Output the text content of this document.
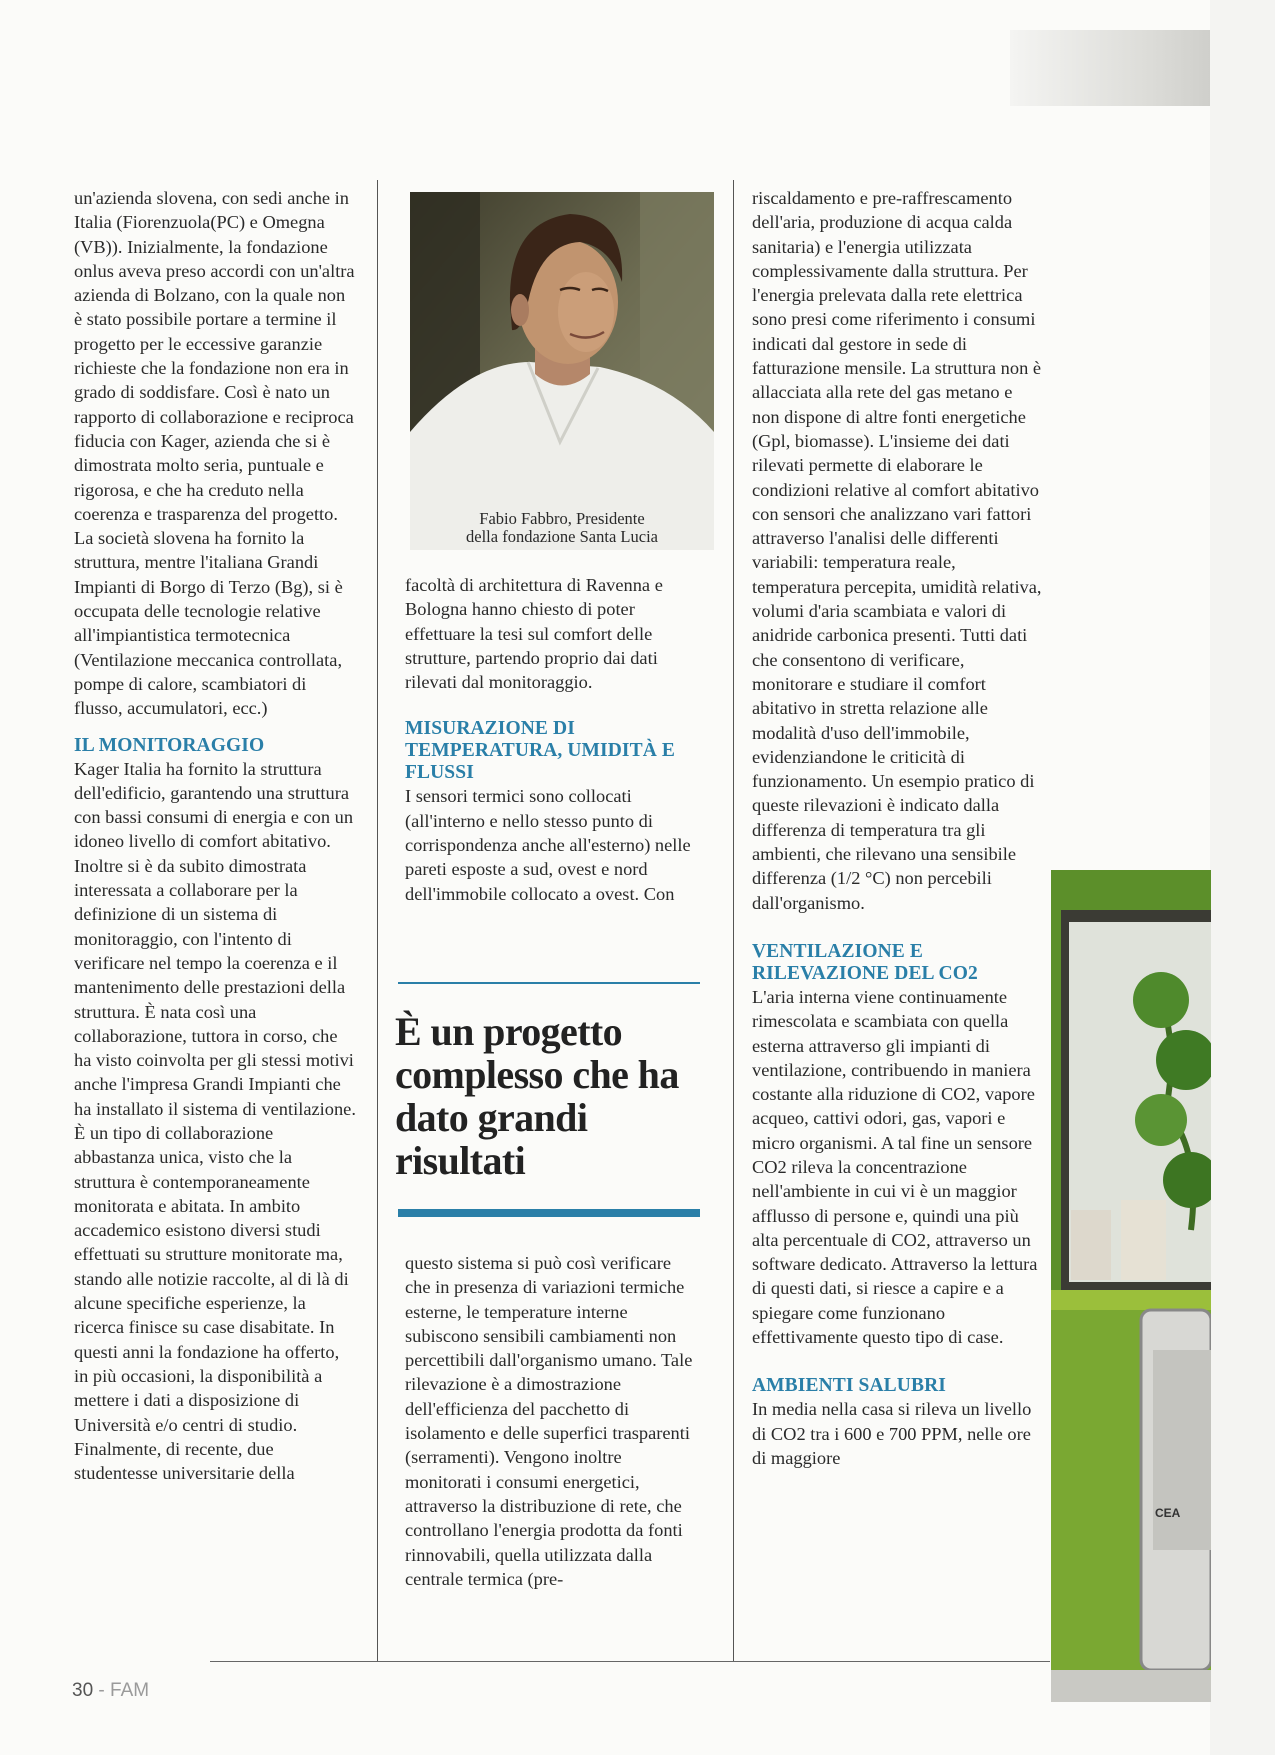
un'azienda slovena, con sedi anche in Italia (Fiorenzuola(PC) e Omegna (VB)). Inizialmente, la fondazione onlus aveva preso accordi con un'altra azienda di Bolzano, con la quale non è stato possibile portare a termine il progetto per le eccessive garanzie richieste che la fondazione non era in grado di soddisfare. Così è nato un rapporto di collaborazione e reciproca fiducia con Kager, azienda che si è dimostrata molto seria, puntuale e rigorosa, e che ha creduto nella coerenza e trasparenza del progetto. La società slovena ha fornito la struttura, mentre l'italiana Grandi Impianti di Borgo di Terzo (Bg), si è occupata delle tecnologie relative all'impiantistica termotecnica (Ventilazione meccanica controllata, pompe di calore, scambiatori di flusso, accumulatori, ecc.)

IL MONITORAGGIO

Kager Italia ha fornito la struttura dell'edificio, garantendo una struttura con bassi consumi di energia e con un idoneo livello di comfort abitativo. Inoltre si è da subito dimostrata interessata a collaborare per la definizione di un sistema di monitoraggio, con l'intento di verificare nel tempo la coerenza e il mantenimento delle prestazioni della struttura. È nata così una collaborazione, tuttora in corso, che ha visto coinvolta per gli stessi motivi anche l'impresa Grandi Impianti che ha installato il sistema di ventilazione. È un tipo di collaborazione abbastanza unica, visto che la struttura è contemporaneamente monitorata e abitata. In ambito accademico esistono diversi studi effettuati su strutture monitorate ma, stando alle notizie raccolte, al di là di alcune specifiche esperienze, la ricerca finisce su case disabitate. In questi anni la fondazione ha offerto, in più occasioni, la disponibilità a mettere i dati a disposizione di Università e/o centri di studio. Finalmente, di recente, due studentesse universitarie della

Fabio Fabbro, Presidente
della fondazione Santa Lucia

facoltà di architettura di Ravenna e Bologna hanno chiesto di poter effettuare la tesi sul comfort delle strutture, partendo proprio dai dati rilevati dal monitoraggio.

MISURAZIONE DI TEMPERATURA, UMIDITÀ E FLUSSI

I sensori termici sono collocati (all'interno e nello stesso punto di corrispondenza anche all'esterno) nelle pareti esposte a sud, ovest e nord dell'immobile collocato a ovest. Con

È un progetto complesso che ha dato grandi risultati

questo sistema si può così verificare che in presenza di variazioni termiche esterne, le temperature interne subiscono sensibili cambiamenti non percettibili dall'organismo umano. Tale rilevazione è a dimostrazione dell'efficienza del pacchetto di isolamento e delle superfici trasparenti (serramenti). Vengono inoltre monitorati i consumi energetici, attraverso la distribuzione di rete, che controllano l'energia prodotta da fonti rinnovabili, quella utilizzata dalla centrale termica (pre-

riscaldamento e pre-raffrescamento dell'aria, produzione di acqua calda sanitaria) e l'energia utilizzata complessivamente dalla struttura. Per l'energia prelevata dalla rete elettrica sono presi come riferimento i consumi indicati dal gestore in sede di fatturazione mensile. La struttura non è allacciata alla rete del gas metano e non dispone di altre fonti energetiche (Gpl, biomasse). L'insieme dei dati rilevati permette di elaborare le condizioni relative al comfort abitativo con sensori che analizzano vari fattori attraverso l'analisi delle differenti variabili: temperatura reale, temperatura percepita, umidità relativa, volumi d'aria scambiata e valori di anidride carbonica presenti. Tutti dati che consentono di verificare, monitorare e studiare il comfort abitativo in stretta relazione alle modalità d'uso dell'immobile, evidenziandone le criticità di funzionamento. Un esempio pratico di queste rilevazioni è indicato dalla differenza di temperatura tra gli ambienti, che rilevano una sensibile differenza (1/2 °C) non percebili dall'organismo.

VENTILAZIONE E RILEVAZIONE DEL CO2

L'aria interna viene continuamente rimescolata e scambiata con quella esterna attraverso gli impianti di ventilazione, contribuendo in maniera costante alla riduzione di CO2, vapore acqueo, cattivi odori, gas, vapori e micro organismi. A tal fine un sensore CO2 rileva la concentrazione nell'ambiente in cui vi è un maggior afflusso di persone e, quindi una più alta percentuale di CO2, attraverso un software dedicato. Attraverso la lettura di questi dati, si riesce a capire e a spiegare come funzionano effettivamente questo tipo di case.

AMBIENTI SALUBRI

In media nella casa si rileva un livello di CO2 tra i 600 e 700 PPM, nelle ore di maggiore

CEA
30 - FAM
